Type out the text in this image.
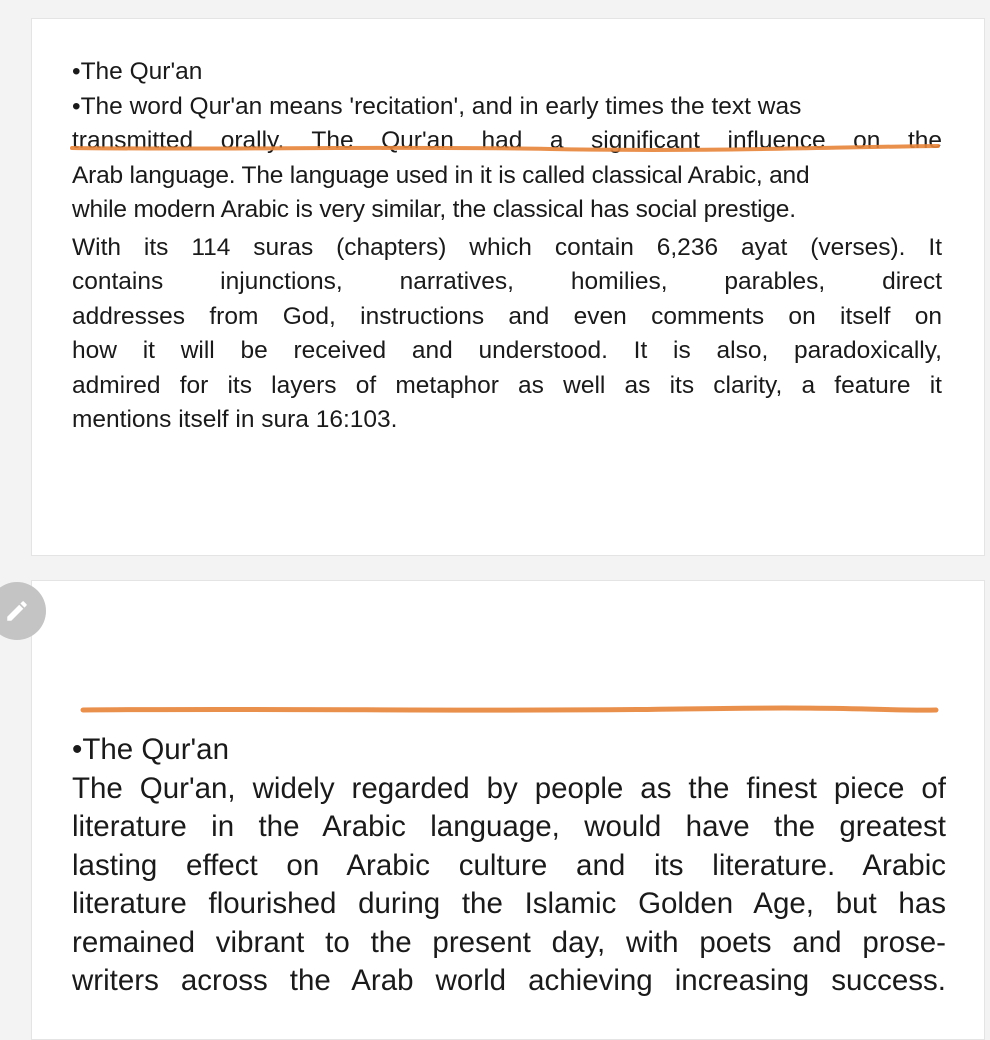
•The Qur'an
•The word Qur'an means 'recitation', and in early times the text was
transmitted orally. The Qur'an had a significant influence on the
Arab language. The language used in it is called classical Arabic, and
while modern Arabic is very similar, the classical has social prestige.
With its 114 suras (chapters) which contain 6,236 ayat (verses). It
contains injunctions, narratives, homilies, parables, direct
addresses from God, instructions and even comments on itself on
how it will be received and understood. It is also, paradoxically,
admired for its layers of metaphor as well as its clarity, a feature it
mentions itself in sura 16:103.
•The Qur'an
The Qur'an, widely regarded by people as the finest piece of
literature in the Arabic language, would have the greatest
lasting effect on Arabic culture and its literature. Arabic
literature flourished during the Islamic Golden Age, but has
remained vibrant to the present day, with poets and prose-
writers across the Arab world achieving increasing success.
